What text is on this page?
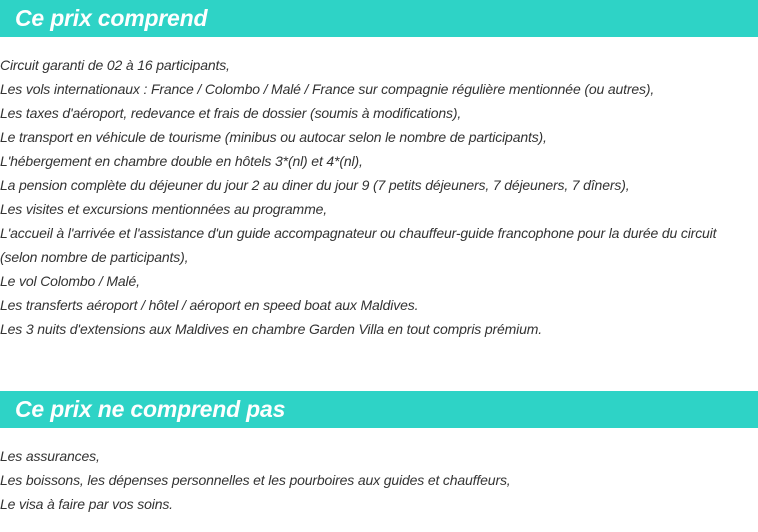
Ce prix comprend
Circuit garanti de 02 à 16 participants,
Les vols internationaux : France / Colombo / Malé / France sur compagnie régulière mentionnée (ou autres),
Les taxes d'aéroport, redevance et frais de dossier (soumis à modifications),
Le transport en véhicule de tourisme (minibus ou autocar selon le nombre de participants),
L'hébergement en chambre double en hôtels 3*(nl) et 4*(nl),
La pension complète du déjeuner du jour 2 au diner du jour 9 (7 petits déjeuners, 7 déjeuners, 7 dîners),
Les visites et excursions mentionnées au programme,
L'accueil à l'arrivée et l'assistance d'un guide accompagnateur ou chauffeur-guide francophone pour la durée du circuit (selon nombre de participants),
Le vol Colombo / Malé,
Les transferts aéroport / hôtel / aéroport en speed boat aux Maldives.
Les 3 nuits d'extensions aux Maldives en chambre Garden Villa en tout compris prémium.
Ce prix ne comprend pas
Les assurances,
Les boissons, les dépenses personnelles et les pourboires aux guides et chauffeurs,
Le visa à faire par vos soins.
